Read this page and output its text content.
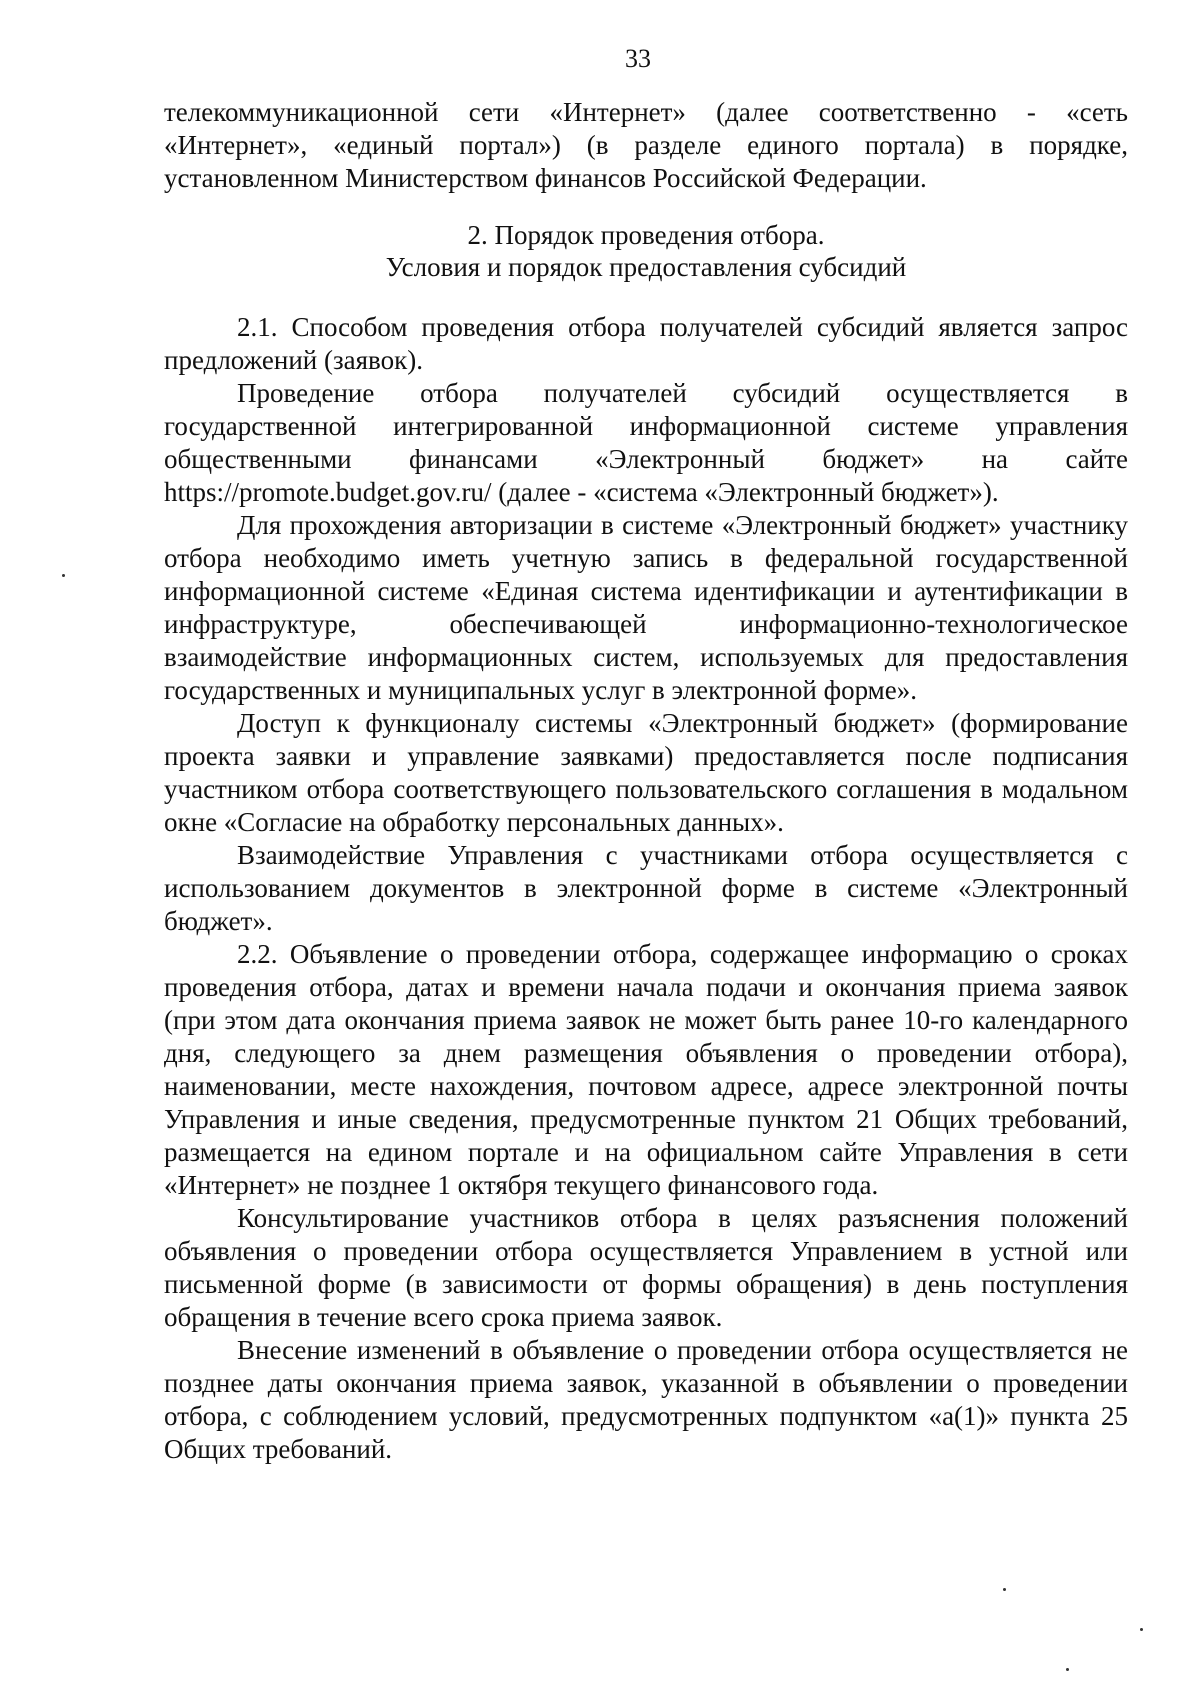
33

телекоммуникационной сети «Интернет» (далее соответственно - «сеть «Интернет», «единый портал») (в разделе единого портала) в порядке, установленном Министерством финансов Российской Федерации.

2. Порядок проведения отбора.
Условия и порядок предоставления субсидий

2.1. Способом проведения отбора получателей субсидий является запрос предложений (заявок).

Проведение отбора получателей субсидий осуществляется в государственной интегрированной информационной системе управления общественными финансами «Электронный бюджет» на сайте https://promote.budget.gov.ru/ (далее - «система «Электронный бюджет»).

Для прохождения авторизации в системе «Электронный бюджет» участнику отбора необходимо иметь учетную запись в федеральной государственной информационной системе «Единая система идентификации и аутентификации в инфраструктуре, обеспечивающей информационно-технологическое взаимодействие информационных систем, используемых для предоставления государственных и муниципальных услуг в электронной форме».

Доступ к функционалу системы «Электронный бюджет» (формирование проекта заявки и управление заявками) предоставляется после подписания участником отбора соответствующего пользовательского соглашения в модальном окне «Согласие на обработку персональных данных».

Взаимодействие Управления с участниками отбора осуществляется с использованием документов в электронной форме в системе «Электронный бюджет».

2.2. Объявление о проведении отбора, содержащее информацию о сроках проведения отбора, датах и времени начала подачи и окончания приема заявок (при этом дата окончания приема заявок не может быть ранее 10-го календарного дня, следующего за днем размещения объявления о проведении отбора), наименовании, месте нахождения, почтовом адресе, адресе электронной почты Управления и иные сведения, предусмотренные пунктом 21 Общих требований, размещается на едином портале и на официальном сайте Управления в сети «Интернет» не позднее 1 октября текущего финансового года.

Консультирование участников отбора в целях разъяснения положений объявления о проведении отбора осуществляется Управлением в устной или письменной форме (в зависимости от формы обращения) в день поступления обращения в течение всего срока приема заявок.

Внесение изменений в объявление о проведении отбора осуществляется не позднее даты окончания приема заявок, указанной в объявлении о проведении отбора, с соблюдением условий, предусмотренных подпунктом «а(1)» пункта 25 Общих требований.
